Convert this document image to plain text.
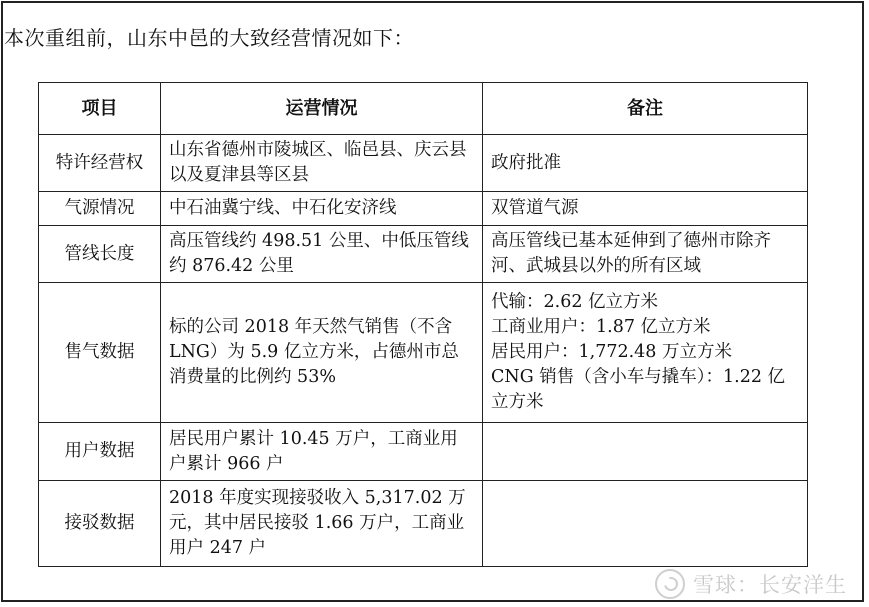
本次重组前，山东中邑的大致经营情况如下：
项目	运营情况	备注
特许经营权	山东省德州市陵城区、临邑县、庆云县以及夏津县等区县	政府批准

气源情况	中石油冀宁线、中石化安济线	双管道气源

管线长度	高压管线约 498.51 公里、中低压管线约 876.42 公里	高压管线已基本延伸到了德州市除齐河、武城县以外的所有区域

售气数据	标的公司 2018 年天然气销售（不含 LNG）为 5.9 亿立方米，占德州市总消费量的比例约 53%	代输：2.62 亿立方米
工商业用户：1.87 亿立方米
居民用户：1,772.48 万立方米
CNG 销售（含小车与撬车）：1.22 亿立方米

用户数据	居民用户累计 10.45 万户，工商业用户累计 966 户	
接驳数据	2018 年度实现接驳收入 5,317.02 万元，其中居民接驳 1.66 万户，工商业用户 247 户	
雪球：长安洋生
